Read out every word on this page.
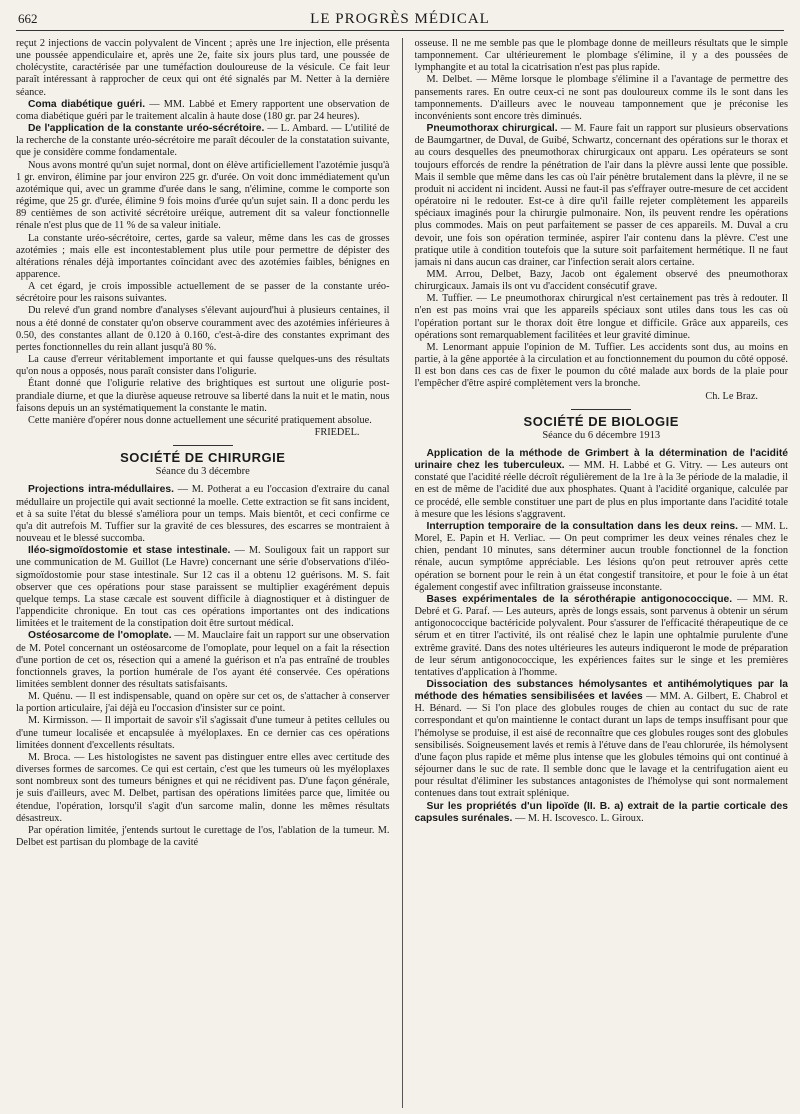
662	LE PROGRÈS MÉDICAL

reçut 2 injections de vaccin polyvalent de Vincent ; après une 1re injection, elle présenta une poussée appendiculaire et, après une 2e, faite six jours plus tard, une poussée de cholécystite, caractérisée par une tuméfaction douloureuse de la vésicule. Ce fait leur paraît intéressant à rapprocher de ceux qui ont été signalés par M. Netter à la dernière séance.

Coma diabétique guéri. — MM. Labbé et Emery rapportent une observation de coma diabétique guéri par le traitement alcalin à haute dose (180 gr. par 24 heures).

De l'application de la constante uréo-sécrétoire. — L. Ambard. — L'utilité de la recherche de la constante uréo-sécrétoire me paraît découler de la constatation suivante, que je considère comme fondamentale.

Nous avons montré qu'un sujet normal, dont on élève artificiellement l'azotémie jusqu'à 1 gr. environ, élimine par jour environ 225 gr. d'urée. On voit donc immédiatement qu'un azotémique qui, avec un gramme d'urée dans le sang, n'élimine, comme le comporte son régime, que 25 gr. d'urée, élimine 9 fois moins d'urée qu'un sujet sain. Il a donc perdu les 89 centièmes de son activité sécrétoire uréique, autrement dit sa valeur fonctionnelle rénale n'est plus que de 11 % de sa valeur initiale.

La constante uréo-sécrétoire, certes, garde sa valeur, même dans les cas de grosses azotémies ; mais elle est incontestablement plus utile pour permettre de dépister des altérations rénales déjà importantes coïncidant avec des azotémies faibles, bénignes en apparence.

A cet égard, je crois impossible actuellement de se passer de la constante uréo-sécrétoire pour les raisons suivantes.

Du relevé d'un grand nombre d'analyses s'élevant aujourd'hui à plusieurs centaines, il nous a été donné de constater qu'on observe couramment avec des azotémies inférieures à 0.50, des constantes allant de 0.120 à 0.160, c'est-à-dire des constantes exprimant des pertes fonctionnelles du rein allant jusqu'à 80 %.

La cause d'erreur véritablement importante et qui fausse quelques-uns des résultats qu'on nous a opposés, nous paraît consister dans l'oligurie.

Étant donné que l'oligurie relative des brightiques est surtout une oligurie post-prandiale diurne, et que la diurèse aqueuse retrouve sa liberté dans la nuit et le matin, nous faisons depuis un an systématiquement la constante le matin.

Cette manière d'opérer nous donne actuellement une sécurité pratiquement absolue.

FRIEDEL.
SOCIÉTÉ DE CHIRURGIE
Séance du 3 décembre

Projections intra-médullaires. — M. Potherat a eu l'occasion d'extraire du canal médullaire un projectile qui avait sectionné la moelle. Cette extraction se fit sans incident, et à sa suite l'état du blessé s'améliora pour un temps. Mais bientôt, et ceci confirme ce qu'a dit autrefois M. Tuffier sur la gravité de ces blessures, des escarres se montraient à nouveau et le blessé succomba.

Iléo-sigmoïdostomie et stase intestinale. — M. Souligoux fait un rapport sur une communication de M. Guillot (Le Havre) concernant une série d'observations d'iléo-sigmoïdostomie pour stase intestinale. Sur 12 cas il a obtenu 12 guérisons. M. S. fait observer que ces opérations pour stase paraissent se multiplier exagérément depuis quelque temps. La stase cæcale est souvent difficile à diagnostiquer et à distinguer de l'appendicite chronique. En tout cas ces opérations importantes ont des indications limitées et le traitement de la constipation doit être surtout médical.

Ostéosarcome de l'omoplate. — M. Mauclaire fait un rapport sur une observation de M. Potel concernant un ostéosarcome de l'omoplate, pour lequel on a fait la résection d'une portion de cet os, résection qui a amené la guérison et n'a pas entraîné de troubles fonctionnels graves, la portion humérale de l'os ayant été conservée. Ces opérations limitées semblent donner des résultats satisfaisants.

M. Quénu. — Il est indispensable, quand on opère sur cet os, de s'attacher à conserver la portion articulaire, j'ai déjà eu l'occasion d'insister sur ce point.

M. Kirmisson. — Il importait de savoir s'il s'agissait d'une tumeur à petites cellules ou d'une tumeur localisée et encapsulée à myéloplaxes. En ce dernier cas ces opérations limitées donnent d'excellents résultats.

M. Broca. — Les histologistes ne savent pas distinguer entre elles avec certitude des diverses formes de sarcomes. Ce qui est certain, c'est que les tumeurs où les myéloplaxes sont nombreux sont des tumeurs bénignes et qui ne récidivent pas. D'une façon générale, je suis d'ailleurs, avec M. Delbet, partisan des opérations limitées parce que, limitée ou étendue, l'opération, lorsqu'il s'agit d'un sarcome malin, donne les mêmes résultats désastreux.

Par opération limitée, j'entends surtout le curettage de l'os, l'ablation de la tumeur. M. Delbet est partisan du plombage de la cavité

osseuse. Il ne me semble pas que le plombage donne de meilleurs résultats que le simple tamponnement. Car ultérieurement le plombage s'élimine, il y a des poussées de lymphangite et au total la cicatrisation n'est pas plus rapide.

M. Delbet. — Même lorsque le plombage s'élimine il a l'avantage de permettre des pansements rares. En outre ceux-ci ne sont pas douloureux comme ils le sont dans les tamponnements. D'ailleurs avec le nouveau tamponnement que je préconise les inconvénients sont encore très diminués.

Pneumothorax chirurgical. — M. Faure fait un rapport sur plusieurs observations de Baumgartner, de Duval, de Guibé, Schwartz, concernant des opérations sur le thorax et au cours desquelles des pneumothorax chirurgicaux ont apparu. Les opérateurs se sont toujours efforcés de rendre la pénétration de l'air dans la plèvre aussi lente que possible. Mais il semble que même dans les cas où l'air pénètre brutalement dans la plèvre, il ne se produit ni accident ni incident. Aussi ne faut-il pas s'effrayer outre-mesure de cet accident opératoire ni le redouter. Est-ce à dire qu'il faille rejeter complètement les appareils spéciaux imaginés pour la chirurgie pulmonaire. Non, ils peuvent rendre les opérations plus commodes. Mais on peut parfaitement se passer de ces appareils. M. Duval a cru devoir, une fois son opération terminée, aspirer l'air contenu dans la plèvre. C'est une pratique utile à condition toutefois que la suture soit parfaitement hermétique. Il ne faut jamais ni dans aucun cas drainer, car l'infection serait alors certaine.

MM. Arrou, Delbet, Bazy, Jacob ont également observé des pneumothorax chirurgicaux. Jamais ils ont vu d'accident consécutif grave.

M. Tuffier. — Le pneumothorax chirurgical n'est certainement pas très à redouter. Il n'en est pas moins vrai que les appareils spéciaux sont utiles dans tous les cas où l'opération portant sur le thorax doit être longue et difficile. Grâce aux appareils, ces opérations sont remarquablement facilitées et leur gravité diminue.

M. Lenormant appuie l'opinion de M. Tuffier. Les accidents sont dus, au moins en partie, à la gêne apportée à la circulation et au fonctionnement du poumon du côté opposé. Il est bon dans ces cas de fixer le poumon du côté malade aux bords de la plaie pour l'empêcher d'être aspiré complètement vers la bronche.

Ch. Le Braz.
SOCIÉTÉ DE BIOLOGIE
Séance du 6 décembre 1913

Application de la méthode de Grimbert à la détermination de l'acidité urinaire chez les tuberculeux. — MM. H. Labbé et G. Vitry. — Les auteurs ont constaté que l'acidité réelle décroît régulièrement de la 1re à la 3e période de la maladie, il en est de même de l'acidité due aux phosphates. Quant à l'acidité organique, calculée par ce procédé, elle semble constituer une part de plus en plus importante dans l'acidité totale à mesure que les lésions s'aggravent.

Interruption temporaire de la consultation dans les deux reins. — MM. L. Morel, E. Papin et H. Verliac. — On peut comprimer les deux veines rénales chez le chien, pendant 10 minutes, sans déterminer aucun trouble fonctionnel de la fonction rénale, aucun symptôme appréciable. Les lésions qu'on peut retrouver après cette opération se bornent pour le rein à un état congestif transitoire, et pour le foie à un état également congestif avec infiltration graisseuse inconstante.

Bases expérimentales de la sérothérapie antigonococcique. — MM. R. Debré et G. Paraf. — Les auteurs, après de longs essais, sont parvenus à obtenir un sérum antigonococcique bactéricide polyvalent. Pour s'assurer de l'efficacité thérapeutique de ce sérum et en titrer l'activité, ils ont réalisé chez le lapin une ophtalmie purulente d'une extrême gravité. Dans des notes ultérieures les auteurs indiqueront le mode de préparation de leur sérum antigonococcique, les expériences faites sur le singe et les premières tentatives d'application à l'homme.

Dissociation des substances hémolysantes et antihémolytiques par la méthode des hématies sensibilisées et lavées — MM. A. Gilbert, E. Chabrol et H. Bénard. — Si l'on place des globules rouges de chien au contact du suc de rate correspondant et qu'on maintienne le contact durant un laps de temps insuffisant pour que l'hémolyse se produise, il est aisé de reconnaître que ces globules rouges sont des globules sensibilisés. Soigneusement lavés et remis à l'étuve dans de l'eau chlorurée, ils hémolysent d'une façon plus rapide et même plus intense que les globules témoins qui ont continué à séjourner dans le suc de rate. Il semble donc que le lavage et la centrifugation aient eu pour résultat d'éliminer les substances antagonistes de l'hémolyse qui sont normalement contenues dans tout extrait splénique.

Sur les propriétés d'un lipoïde (II. B. a) extrait de la partie corticale des capsules surénales. — M. H. Iscovesco. L. Giroux.
